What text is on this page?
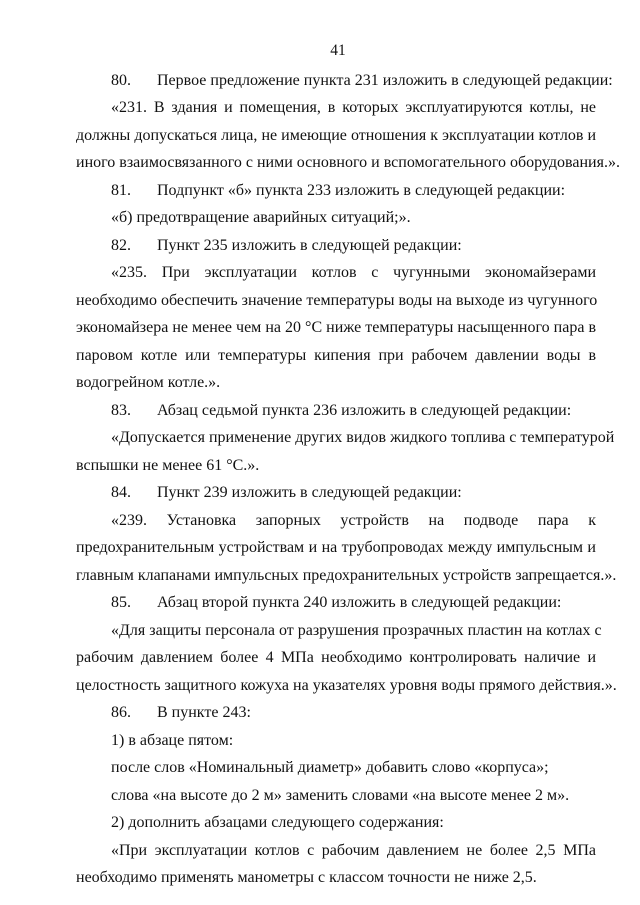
41
80. Первое предложение пункта 231 изложить в следующей редакции:
«231. В здания и помещения, в которых эксплуатируются котлы, не
должны допускаться лица, не имеющие отношения к эксплуатации котлов и
иного взаимосвязанного с ними основного и вспомогательного оборудования.».
81. Подпункт «б» пункта 233 изложить в следующей редакции:
«б) предотвращение аварийных ситуаций;».
82. Пункт 235 изложить в следующей редакции:
«235. При эксплуатации котлов с чугунными экономайзерами
необходимо обеспечить значение температуры воды на выходе из чугунного
экономайзера не менее чем на 20 °С ниже температуры насыщенного пара в
паровом котле или температуры кипения при рабочем давлении воды в
водогрейном котле.».
83. Абзац седьмой пункта 236 изложить в следующей редакции:
«Допускается применение других видов жидкого топлива с температурой
вспышки не менее 61 °С.».
84. Пункт 239 изложить в следующей редакции:
«239. Установка запорных устройств на подводе пара к
предохранительным устройствам и на трубопроводах между импульсным и
главным клапанами импульсных предохранительных устройств запрещается.».
85. Абзац второй пункта 240 изложить в следующей редакции:
«Для защиты персонала от разрушения прозрачных пластин на котлах с
рабочим давлением более 4 МПа необходимо контролировать наличие и
целостность защитного кожуха на указателях уровня воды прямого действия.».
86. В пункте 243:
1) в абзаце пятом:
после слов «Номинальный диаметр» добавить слово «корпуса»;
слова «на высоте до 2 м» заменить словами «на высоте менее 2 м».
2) дополнить абзацами следующего содержания:
«При эксплуатации котлов с рабочим давлением не более 2,5 МПа
необходимо применять манометры с классом точности не ниже 2,5.
